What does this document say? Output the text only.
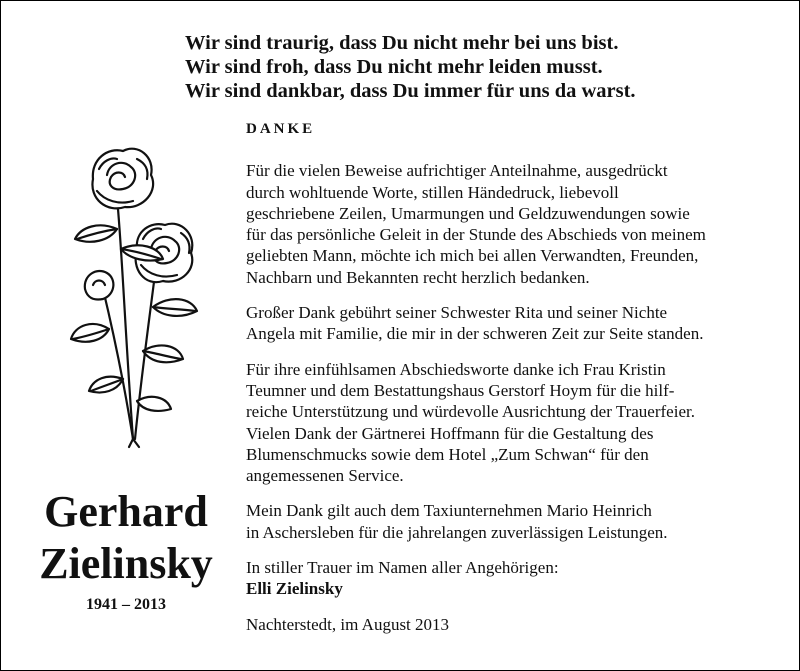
Wir sind traurig, dass Du nicht mehr bei uns bist.
Wir sind froh, dass Du nicht mehr leiden musst.
Wir sind dankbar, dass Du immer für uns da warst.
Gerhard
Zielinsky
1941 – 2013
DANKE
Für die vielen Beweise aufrichtiger Anteilnahme, ausgedrückt
durch wohltuende Worte, stillen Händedruck, liebevoll
geschriebene Zeilen, Umarmungen und Geldzuwendungen sowie
für das persönliche Geleit in der Stunde des Abschieds von meinem
geliebten Mann, möchte ich mich bei allen Verwandten, Freunden,
Nachbarn und Bekannten recht herzlich bedanken.
Großer Dank gebührt seiner Schwester Rita und seiner Nichte
Angela mit Familie, die mir in der schweren Zeit zur Seite standen.
Für ihre einfühlsamen Abschiedsworte danke ich Frau Kristin
Teumner und dem Bestattungshaus Gerstorf Hoym für die hilf-
reiche Unterstützung und würdevolle Ausrichtung der Trauerfeier.
Vielen Dank der Gärtnerei Hoffmann für die Gestaltung des
Blumenschmucks sowie dem Hotel „Zum Schwan“ für den
angemessenen Service.
Mein Dank gilt auch dem Taxiunternehmen Mario Heinrich
in Aschersleben für die jahrelangen zuverlässigen Leistungen.
In stiller Trauer im Namen aller Angehörigen:
Elli Zielinsky
Nachterstedt, im August 2013
